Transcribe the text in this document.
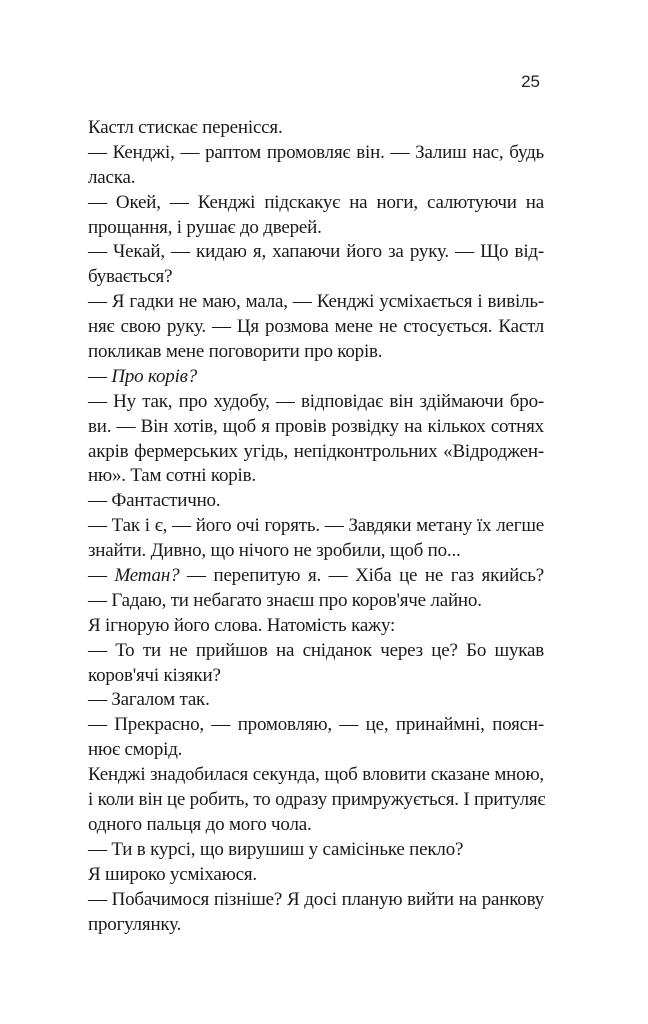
25
Кастл стискає перенісся.
— Кенджі, — раптом промовляє він. — Залиш нас, будь
ласка.
— Окей, — Кенджі підскакує на ноги, салютуючи на
прощання, і рушає до дверей.
— Чекай, — кидаю я, хапаючи його за руку. — Що від-
бувається?
— Я гадки не маю, мала, — Кенджі усміхається і вивіль-
няє свою руку. — Ця розмова мене не стосується. Кастл
покликав мене поговорити про корів.
— Про корів?
— Ну так, про худобу, — відповідає він здіймаючи бро-
ви. — Він хотів, щоб я провів розвідку на кількох сотнях
акрів фермерських угідь, непідконтрольних «Відроджен-
ню». Там сотні корів.
— Фантастично.
— Так і є, — його очі горять. — Завдяки метану їх легше
знайти. Дивно, що нічого не зробили, щоб по...
— Метан? — перепитую я. — Хіба це не газ якийсь?
— Гадаю, ти небагато знаєш про коров'яче лайно.
Я ігнорую його слова. Натомість кажу:
— То ти не прийшов на сніданок через це? Бо шукав
коров'ячі кізяки?
— Загалом так.
— Прекрасно, — промовляю, — це, принаймні, поясн-
нює сморід.
Кенджі знадобилася секунда, щоб вловити сказане мною,
і коли він це робить, то одразу примружується. І притуляє
одного пальця до мого чола.
— Ти в курсі, що вирушиш у самісіньке пекло?
Я широко усміхаюся.
— Побачимося пізніше? Я досі планую вийти на ранкову
прогулянку.
